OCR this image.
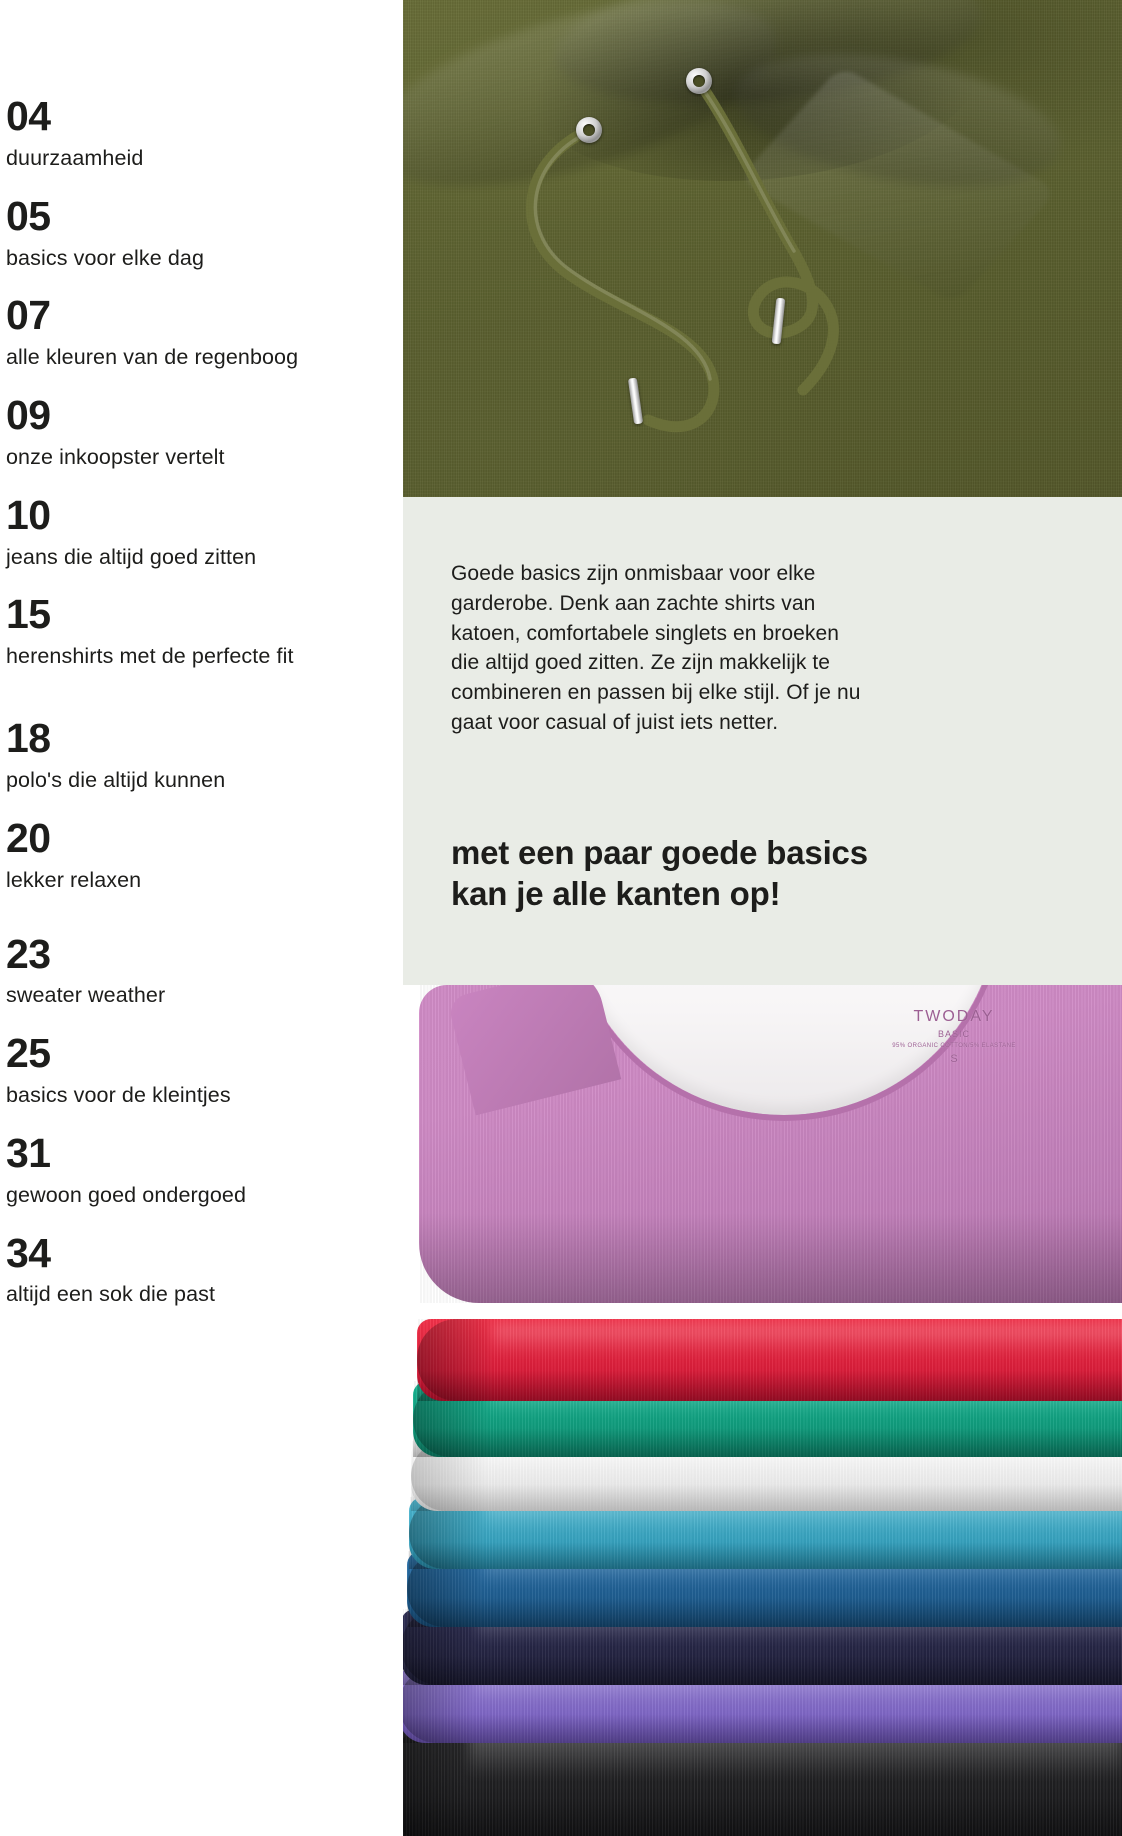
04
duurzaamheid
05
basics voor elke dag
07
alle kleuren van de regenboog
09
onze inkoopster vertelt
10
jeans die altijd goed zitten
15
herenshirts met de perfecte fit
18
polo's die altijd kunnen
20
lekker relaxen
23
sweater weather
25
basics voor de kleintjes
31
gewoon goed ondergoed
34
altijd een sok die past

Goede basics zijn onmisbaar voor elke garderobe. Denk aan zachte shirts van katoen, comfortabele singlets en broeken die altijd goed zitten. Ze zijn makkelijk te combineren en passen bij elke stijl. Of je nu gaat voor casual of juist iets netter.

met een paar goede basics kan je alle kanten op!
TWODAY
BASIC
95% ORGANIC COTTON/5% ELASTANE
S
